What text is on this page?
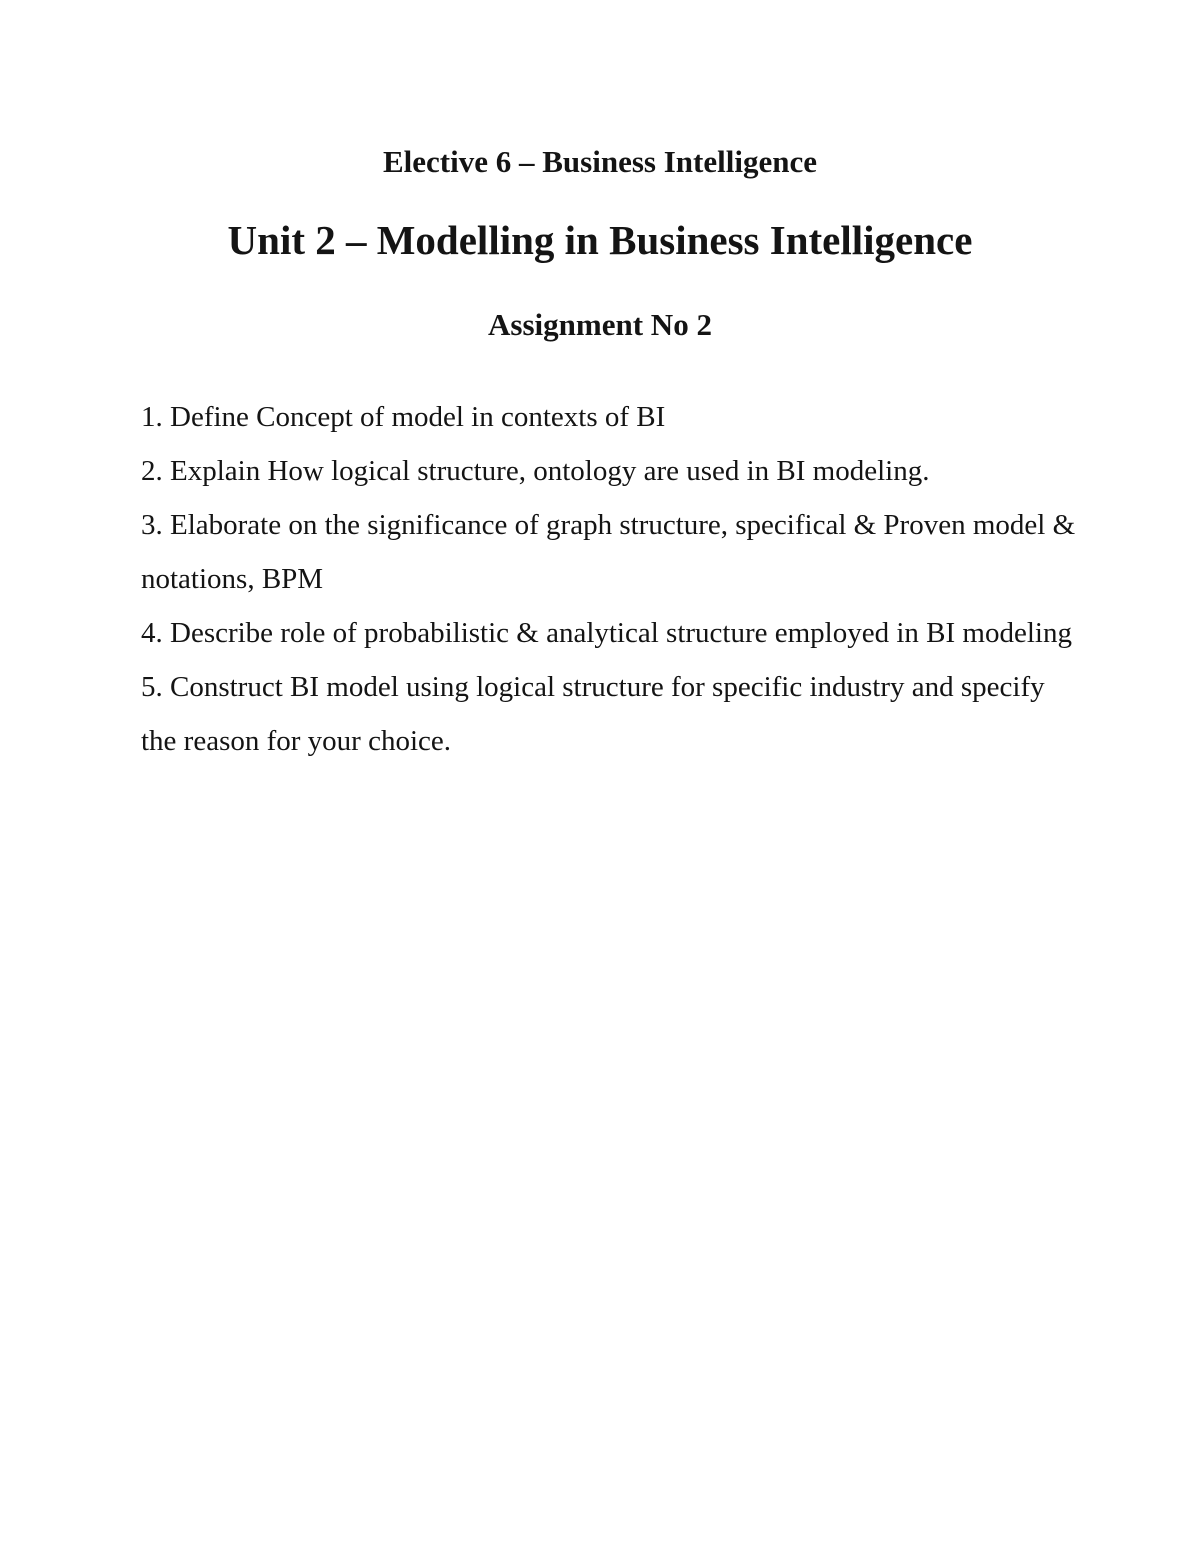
Elective 6 – Business Intelligence
Unit 2 – Modelling in Business Intelligence
Assignment No 2
1. Define Concept of model in contexts of BI
2. Explain How logical structure, ontology are used in BI modeling.
3. Elaborate on the significance of graph structure, specifical & Proven model & notations, BPM
4. Describe role of probabilistic & analytical structure employed in BI modeling
5. Construct BI model using logical structure for specific industry and specify the reason for your choice.
